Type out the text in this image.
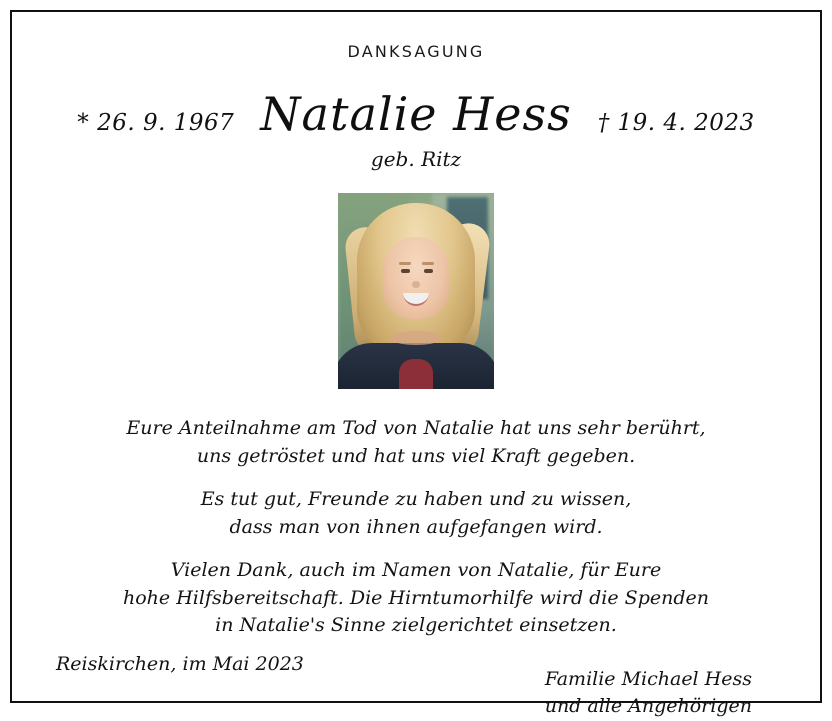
DANKSAGUNG
* 26. 9. 1967 Natalie Hess † 19. 4. 2023
geb. Ritz

Eure Anteilnahme am Tod von Natalie hat uns sehr berührt,
uns getröstet und hat uns viel Kraft gegeben.

Es tut gut, Freunde zu haben und zu wissen,
dass man von ihnen aufgefangen wird.

Vielen Dank, auch im Namen von Natalie, für Eure
hohe Hilfsbereitschaft. Die Hirntumorhilfe wird die Spenden
in Natalie's Sinne zielgerichtet einsetzen.

Familie Michael Hess
und alle Angehörigen
Reiskirchen, im Mai 2023
